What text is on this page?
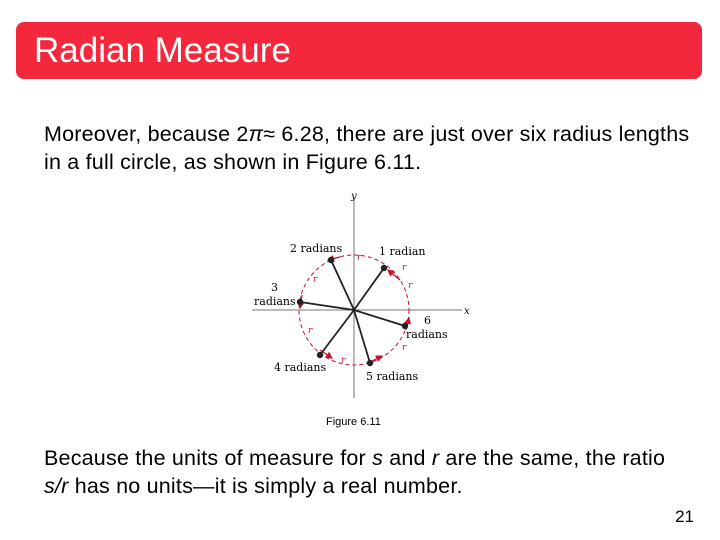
Radian Measure
Moreover, because 2π≈ 6.28, there are just over six radius lengths in a full circle, as shown in Figure 6.11.
x
y
r
r
r
r
r
r
r
1 radian
2 radians
3
radians
4 radians
5 radians
6
radians
Figure 6.11
Because the units of measure for s and r are the same, the ratio s/r has no units—it is simply a real number.
21
